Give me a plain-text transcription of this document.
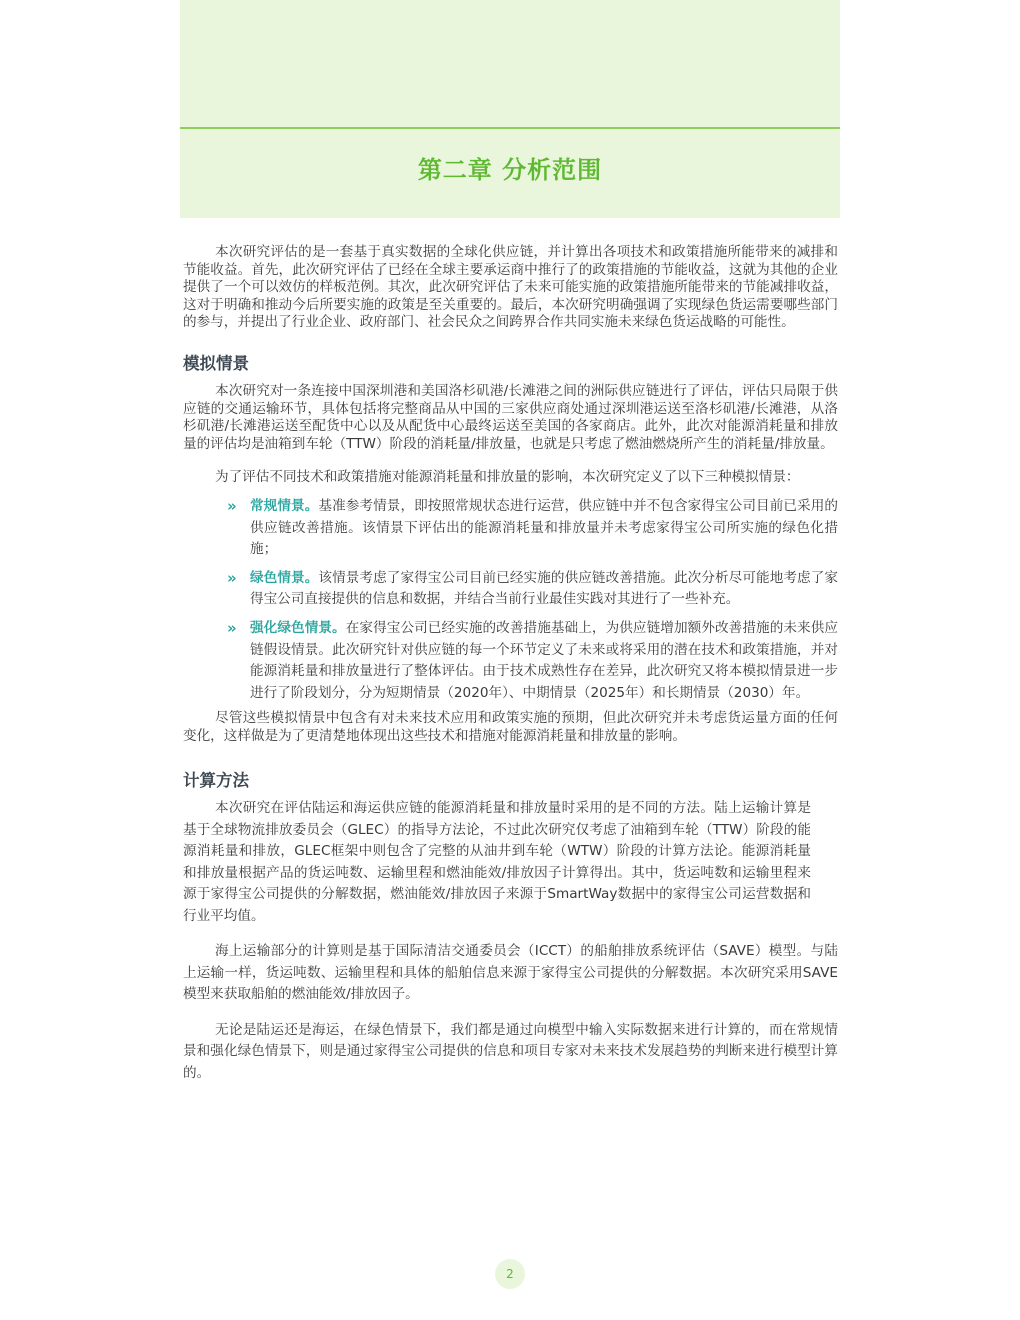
第二章 分析范围

本次研究评估的是一套基于真实数据的全球化供应链，并计算出各项技术和政策措施所能带来的减排和节能收益。首先，此次研究评估了已经在全球主要承运商中推行了的政策措施的节能收益，这就为其他的企业提供了一个可以效仿的样板范例。其次，此次研究评估了未来可能实施的政策措施所能带来的节能减排收益，这对于明确和推动今后所要实施的政策是至关重要的。最后，本次研究明确强调了实现绿色货运需要哪些部门的参与，并提出了行业企业、政府部门、社会民众之间跨界合作共同实施未来绿色货运战略的可能性。

模拟情景

本次研究对一条连接中国深圳港和美国洛杉矶港/长滩港之间的洲际供应链进行了评估，评估只局限于供应链的交通运输环节，具体包括将完整商品从中国的三家供应商处通过深圳港运送至洛杉矶港/长滩港，从洛杉矶港/长滩港运送至配货中心以及从配货中心最终运送至美国的各家商店。此外，此次对能源消耗量和排放量的评估均是油箱到车轮（TTW）阶段的消耗量/排放量，也就是只考虑了燃油燃烧所产生的消耗量/排放量。

为了评估不同技术和政策措施对能源消耗量和排放量的影响，本次研究定义了以下三种模拟情景：

» 常规情景。基准参考情景，即按照常规状态进行运营，供应链中并不包含家得宝公司目前已采用的供应链改善措施。该情景下评估出的能源消耗量和排放量并未考虑家得宝公司所实施的绿色化措施；
» 绿色情景。该情景考虑了家得宝公司目前已经实施的供应链改善措施。此次分析尽可能地考虑了家得宝公司直接提供的信息和数据，并结合当前行业最佳实践对其进行了一些补充。
» 强化绿色情景。在家得宝公司已经实施的改善措施基础上，为供应链增加额外改善措施的未来供应链假设情景。此次研究针对供应链的每一个环节定义了未来或将采用的潜在技术和政策措施，并对能源消耗量和排放量进行了整体评估。由于技术成熟性存在差异，此次研究又将本模拟情景进一步进行了阶段划分，分为短期情景（2020年）、中期情景（2025年）和长期情景（2030）年。

尽管这些模拟情景中包含有对未来技术应用和政策实施的预期，但此次研究并未考虑货运量方面的任何变化，这样做是为了更清楚地体现出这些技术和措施对能源消耗量和排放量的影响。

计算方法

本次研究在评估陆运和海运供应链的能源消耗量和排放量时采用的是不同的方法。陆上运输计算是基于全球物流排放委员会（GLEC）的指导方法论，不过此次研究仅考虑了油箱到车轮（TTW）阶段的能源消耗量和排放，GLEC框架中则包含了完整的从油井到车轮（WTW）阶段的计算方法论。能源消耗量和排放量根据产品的货运吨数、运输里程和燃油能效/排放因子计算得出。其中，货运吨数和运输里程来源于家得宝公司提供的分解数据，燃油能效/排放因子来源于SmartWay数据中的家得宝公司运营数据和行业平均值。

海上运输部分的计算则是基于国际清洁交通委员会（ICCT）的船舶排放系统评估（SAVE）模型。与陆上运输一样，货运吨数、运输里程和具体的船舶信息来源于家得宝公司提供的分解数据。本次研究采用SAVE模型来获取船舶的燃油能效/排放因子。

无论是陆运还是海运，在绿色情景下，我们都是通过向模型中输入实际数据来进行计算的，而在常规情景和强化绿色情景下，则是通过家得宝公司提供的信息和项目专家对未来技术发展趋势的判断来进行模型计算的。

2
